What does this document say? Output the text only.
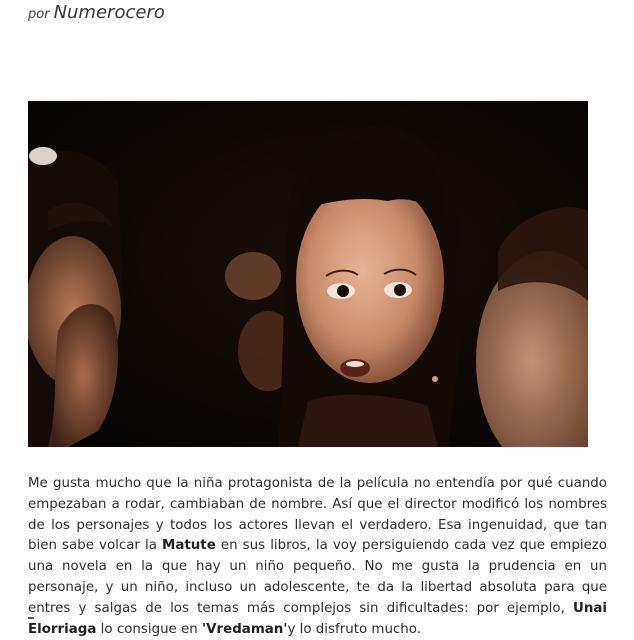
por Numerocero

Me gusta mucho que la niña protagonista de la película no entendía por qué cuando empezaban a rodar, cambiaban de nombre. Así que el director modificó los nombres de los personajes y todos los actores llevan el verdadero. Esa ingenuidad, que tan bien sabe volcar la Matute en sus libros, la voy persiguiendo cada vez que empiezo una novela en la que hay un niño pequeño. No me gusta la prudencia en un personaje, y un niño, incluso un adolescente, te da la libertad absoluta para que entres y salgas de los temas más complejos sin dificultades: por ejemplo, Unai Elorriaga lo consigue en 'Vredaman'y lo disfruto mucho.
